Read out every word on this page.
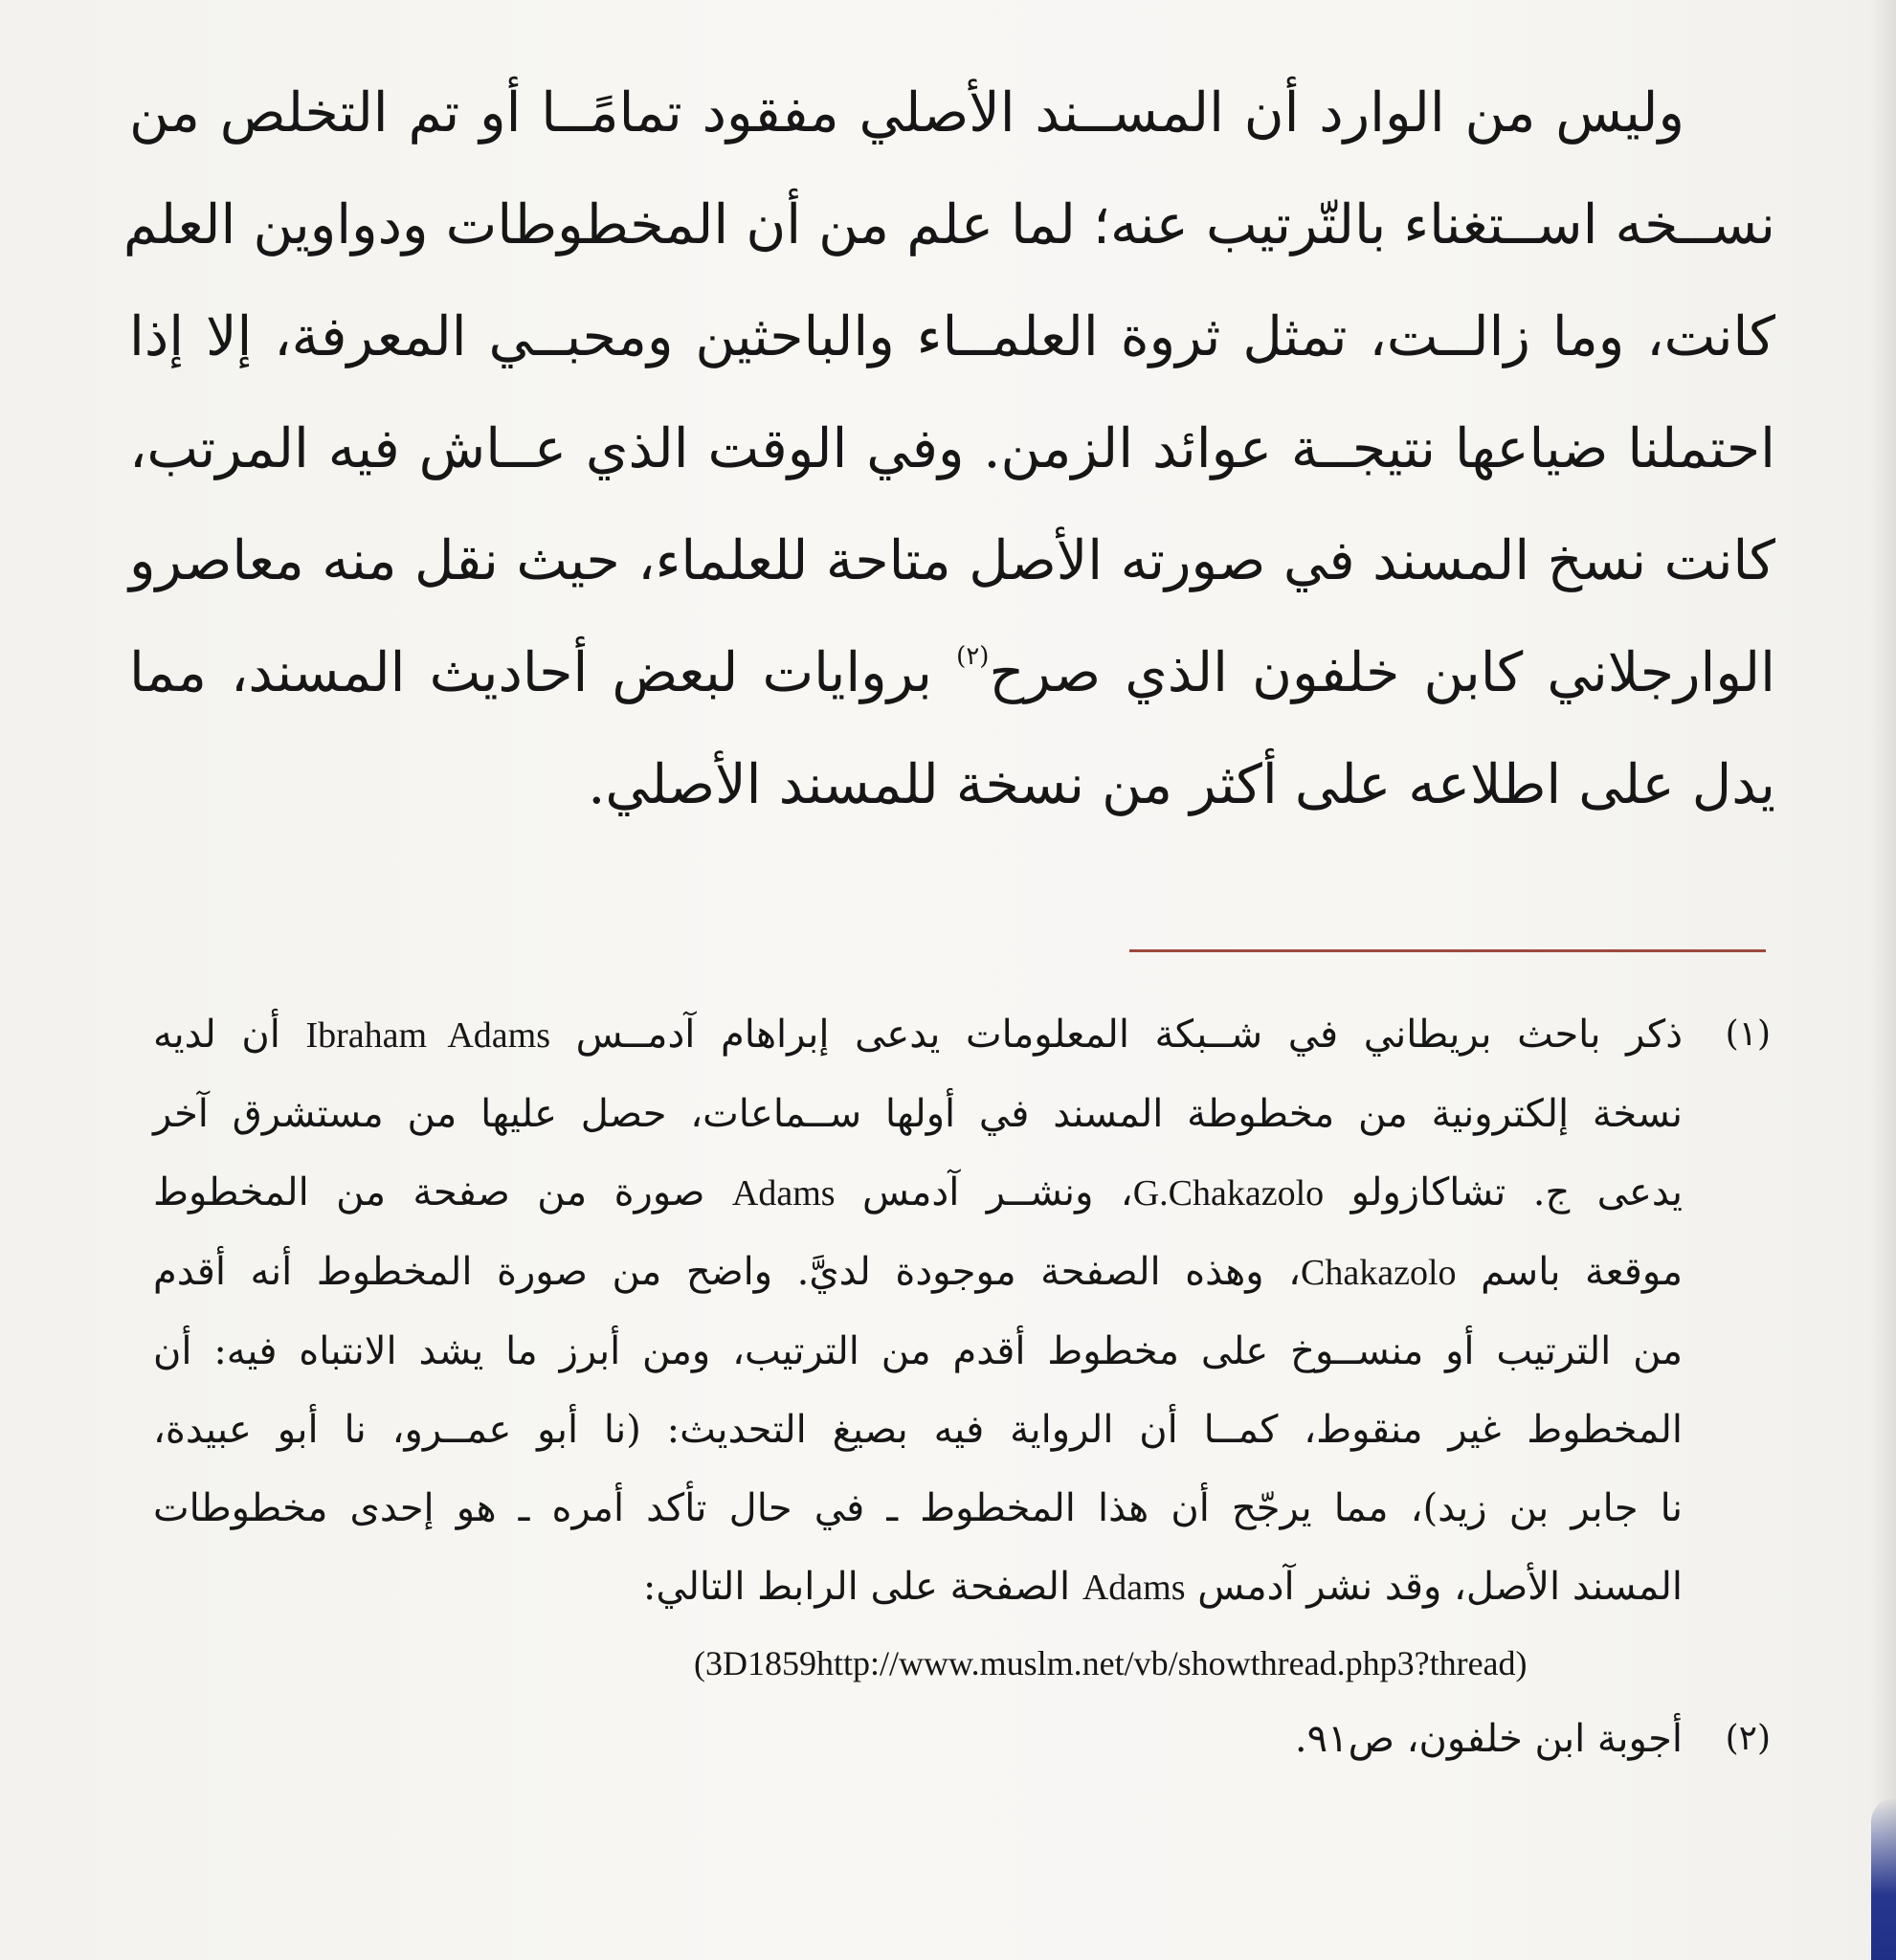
وليس من الوارد أن المســند الأصلي مفقود تمامًــا أو تم التخلص من
نســخه اســتغناء بالتّرتيب عنه؛ لما علم من أن المخطوطات ودواوين العلم
كانت، وما زالــت، تمثل ثروة العلمــاء والباحثين ومحبــي المعرفة، إلا إذا
احتملنا ضياعها نتيجــة عوائد الزمن. وفي الوقت الذي عــاش فيه المرتب،
كانت نسخ المسند في صورته الأصل متاحة للعلماء، حيث نقل منه معاصرو
الوارجلاني كابن خلفون الذي صرح$^{(٢)}$ بروايات لبعض أحاديث المسند، مما
يدل على اطلاعه على أكثر من نسخة للمسند الأصلي.

(١)
ذكر باحث بريطاني في شــبكة المعلومات يدعى إبراهام آدمــس Ibraham Adams أن لديه
نسخة إلكترونية من مخطوطة المسند في أولها ســماعات، حصل عليها من مستشرق آخر
يدعى ج. تشاكازولو G.Chakazolo، ونشــر آدمس Adams صورة من صفحة من المخطوط
موقعة باسم Chakazolo، وهذه الصفحة موجودة لديَّ. واضح من صورة المخطوط أنه أقدم
من الترتيب أو منســوخ على مخطوط أقدم من الترتيب، ومن أبرز ما يشد الانتباه فيه: أن
المخطوط غير منقوط، كمــا أن الرواية فيه بصيغ التحديث: (نا أبو عمــرو، نا أبو عبيدة،
نا جابر بن زيد)، مما يرجّح أن هذا المخطوط ـ في حال تأكد أمره ـ هو إحدى مخطوطات
المسند الأصل، وقد نشر آدمس Adams الصفحة على الرابط التالي:
(3D1859http://www.muslm.net/vb/showthread.php3?thread)
(٢)
أجوبة ابن خلفون، ص٩١.
